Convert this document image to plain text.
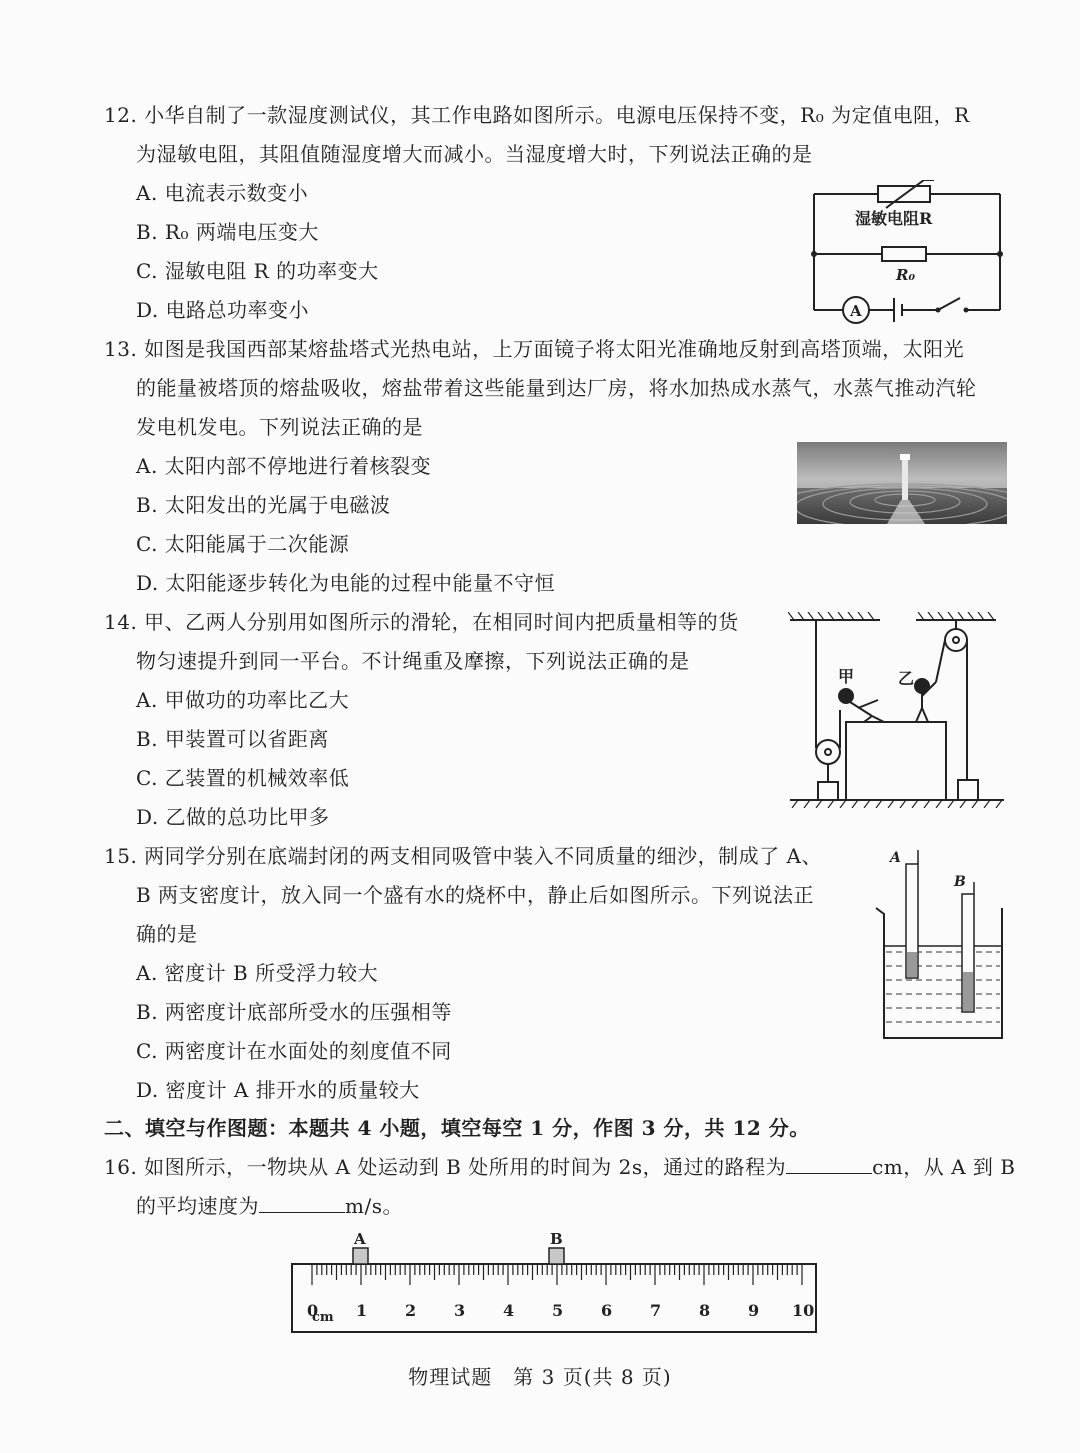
12. 小华自制了一款湿度测试仪，其工作电路如图所示。电源电压保持不变，R₀ 为定值电阻，R
为湿敏电阻，其阻值随湿度增大而减小。当湿度增大时，下列说法正确的是
A. 电流表示数变小
B. R₀ 两端电压变大
C. 湿敏电阻 R 的功率变大
D. 电路总功率变小
湿敏电阻R
R₀
A
13. 如图是我国西部某熔盐塔式光热电站，上万面镜子将太阳光准确地反射到高塔顶端，太阳光
的能量被塔顶的熔盐吸收，熔盐带着这些能量到达厂房，将水加热成水蒸气，水蒸气推动汽轮
发电机发电。下列说法正确的是
A. 太阳内部不停地进行着核裂变
B. 太阳发出的光属于电磁波
C. 太阳能属于二次能源
D. 太阳能逐步转化为电能的过程中能量不守恒
14. 甲、乙两人分别用如图所示的滑轮，在相同时间内把质量相等的货
物匀速提升到同一平台。不计绳重及摩擦，下列说法正确的是
A. 甲做功的功率比乙大
B. 甲装置可以省距离
C. 乙装置的机械效率低
D. 乙做的总功比甲多
甲	乙
15. 两同学分别在底端封闭的两支相同吸管中装入不同质量的细沙，制成了 A、
B 两支密度计，放入同一个盛有水的烧杯中，静止后如图所示。下列说法正
确的是
A. 密度计 B 所受浮力较大
B. 两密度计底部所受水的压强相等
C. 两密度计在水面处的刻度值不同
D. 密度计 A 排开水的质量较大
A
B
二、填空与作图题：本题共 4 小题，填空每空 1 分，作图 3 分，共 12 分。
16. 如图所示，一物块从 A 处运动到 B 处所用的时间为 2s，通过的路程为	cm，从 A 到 B
的平均速度为	m/s。
0 1 2 3 4 5 6 7 8 9 10
cm
A	B
物理试题　第 3 页(共 8 页)
